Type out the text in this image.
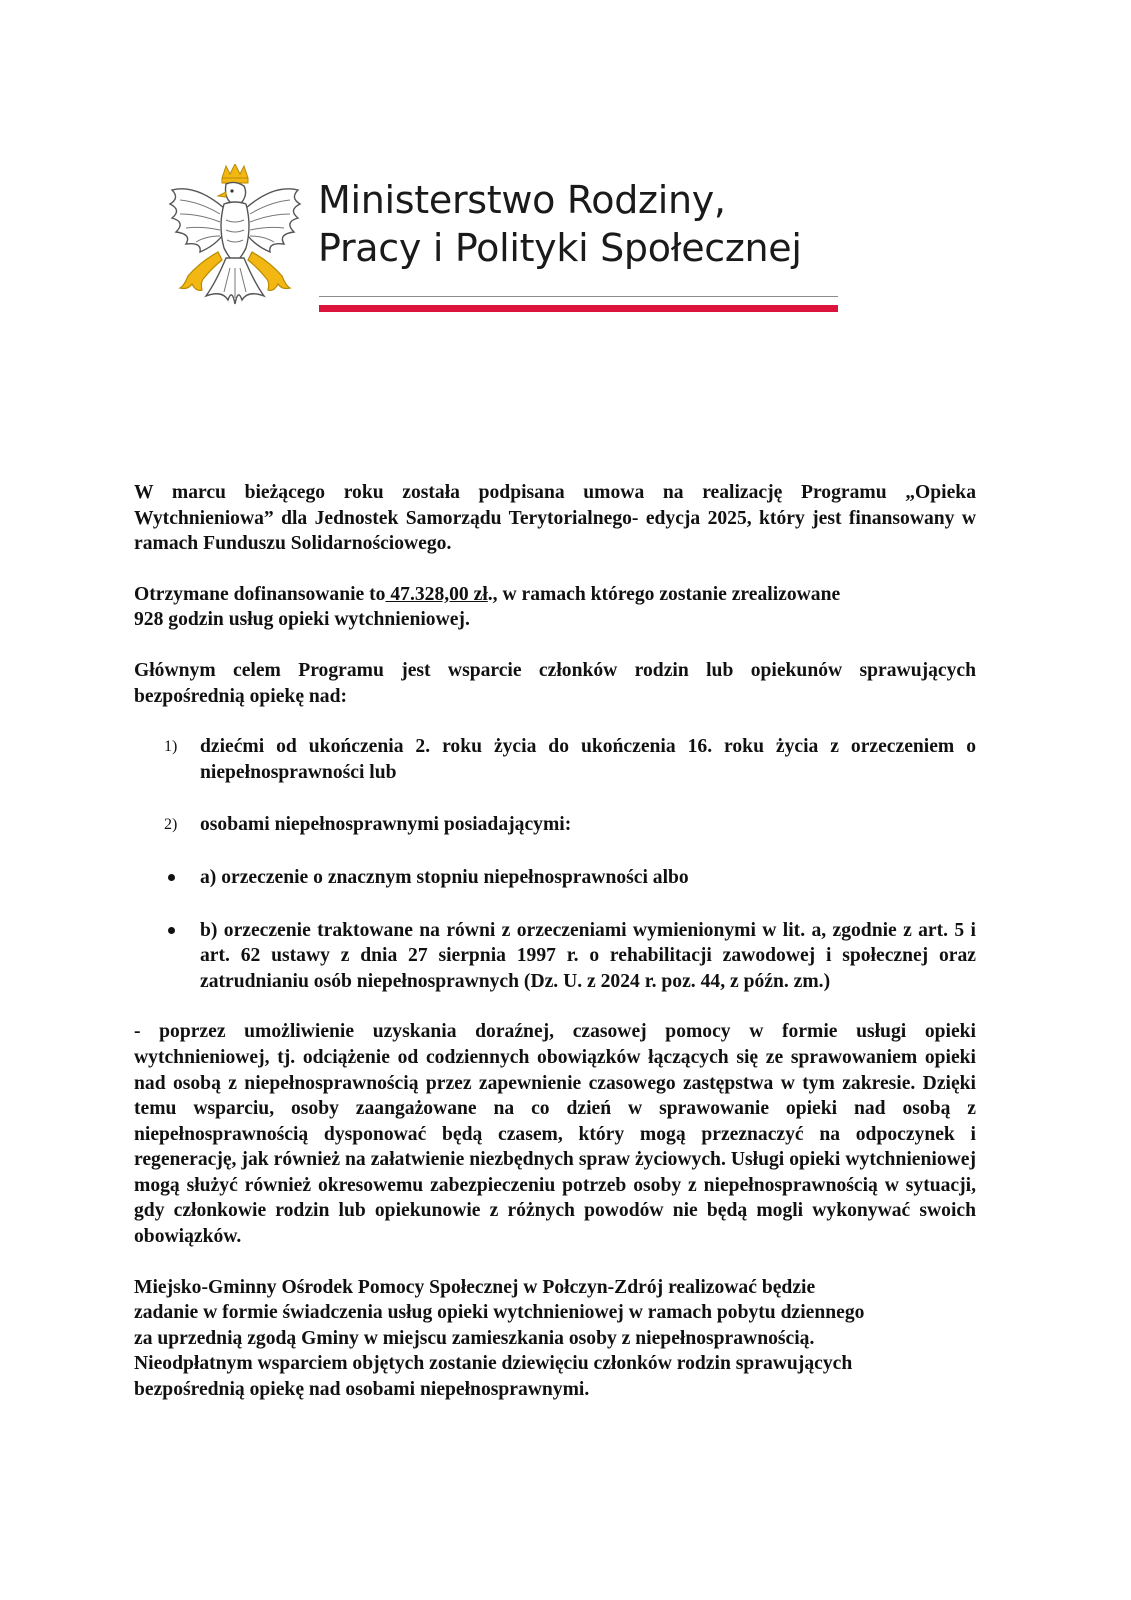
Ministerstwo Rodziny,
Pracy i Polityki Społecznej

W marcu bieżącego roku została podpisana umowa na realizację Programu „Opieka Wytchnieniowa” dla Jednostek Samorządu Terytorialnego- edycja 2025, który jest finansowany w ramach Funduszu Solidarnościowego.

Otrzymane dofinansowanie to 47.328,00 zł., w ramach którego zostanie zrealizowane
928 godzin usług opieki wytchnieniowej.

Głównym celem Programu jest wsparcie członków rodzin lub opiekunów sprawujących bezpośrednią opiekę nad:

1) dziećmi od ukończenia 2. roku życia do ukończenia 16. roku życia z orzeczeniem o niepełnosprawności lub
2) osobami niepełnosprawnymi posiadającymi:
a) orzeczenie o znacznym stopniu niepełnosprawności albo
b) orzeczenie traktowane na równi z orzeczeniami wymienionymi w lit. a, zgodnie z art. 5 i art. 62 ustawy z dnia 27 sierpnia 1997 r. o rehabilitacji zawodowej i społecznej oraz zatrudnianiu osób niepełnosprawnych (Dz. U. z 2024 r. poz. 44, z późn. zm.)

- poprzez umożliwienie uzyskania doraźnej, czasowej pomocy w formie usługi opieki wytchnieniowej, tj. odciążenie od codziennych obowiązków łączących się ze sprawowaniem opieki nad osobą z niepełnosprawnością przez zapewnienie czasowego zastępstwa w tym zakresie. Dzięki temu wsparciu, osoby zaangażowane na co dzień w sprawowanie opieki nad osobą z niepełnosprawnością dysponować będą czasem, który mogą przeznaczyć na odpoczynek i regenerację, jak również na załatwienie niezbędnych spraw życiowych. Usługi opieki wytchnieniowej mogą służyć również okresowemu zabezpieczeniu potrzeb osoby z niepełnosprawnością w sytuacji, gdy członkowie rodzin lub opiekunowie z różnych powodów nie będą mogli wykonywać swoich obowiązków.

Miejsko-Gminny Ośrodek Pomocy Społecznej w Połczyn-Zdrój realizować będzie
zadanie w formie świadczenia usług opieki wytchnieniowej w ramach pobytu dziennego
za uprzednią zgodą Gminy w miejscu zamieszkania osoby z niepełnosprawnością.
Nieodpłatnym wsparciem objętych zostanie dziewięciu członków rodzin sprawujących
bezpośrednią opiekę nad osobami niepełnosprawnymi.
